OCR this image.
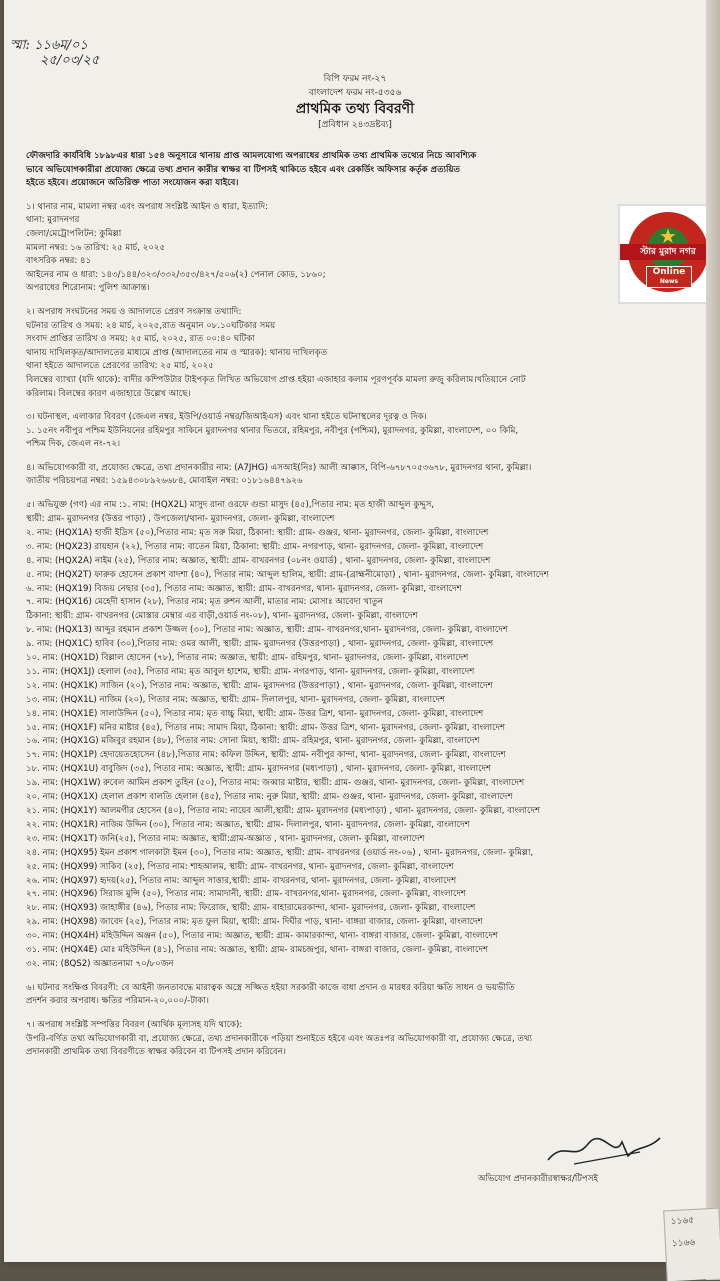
স্মা: ১১৬ম/০১
২৫/০৩/২৫
বিপি ফরম নং-২৭
বাংলাদেশ ফরম নং-৫৩৫৬
প্রাথমিক তথ্য বিবরণী
[প্রবিধান ২৪৩দ্রষ্টব্য]
ফৌজদারি কার্যবিধি ১৮৯৮এর ধারা ১৫৪ অনুসারে থানায় প্রাপ্ত আমলযোগ্য অপরাধের প্রাথমিক তথ্য প্রাথমিক তথ্যের নিচে আবশ্যিক
ভাবে অভিযোগকারীরা প্রযোজ্য ক্ষেত্রে তথ্য প্রদান কারীর স্বাক্ষর বা টিপসই থাকিতে হইবে এবং রেকর্ডিং অফিসার কর্তৃক প্রত্যয়িত
হইতে হইবে। প্রয়োজনে অতিরিক্ত পাতা সংযোজন করা যাইবে।
১। থানার নাম, মামলা নম্বর এবং অপরাধ সংশ্লিষ্ট আইন ও ধারা, ইত্যাদি:
থানা: মুরাদনগর
জেলা/মেট্রোপলিটন: কুমিল্লা
মামলা নম্বর: ১৬ তারিখ: ২৫ মার্চ, ২০২৫
বাৎসরিক নম্বর: ৪১
আইনের নাম ও ধারা: ১৪৩/১৪৪/৩২৩/৩৩২/৩৫৩/৪২৭/৫০৬(২) পেনাল কোড, ১৮৬০;
অপরাধের শিরোনাম: পুলিশ আক্রান্ত।
২। অপরাধ সংঘটনের সময় ও আদালতে প্রেরণ সংক্রান্ত তথ্যাদি:
ঘটনার তারিখ ও সময়: ২৪ মার্চ, ২০২৫,রাত অনুমান ০৮.১০ঘটিকার সময়
সংবাদ প্রাপ্তির তারিখ ও সময়: ২৫ মার্চ, ২০২৫, রাত ০০:৪০ ঘটিকা
থানায় দাখিলকৃত/আদালতের মাধ্যমে প্রাপ্ত (আদালতের নাম ও স্মারক): থানায় দাখিলকৃত
থানা হইতে আদালতে প্রেরণের তারিখ: ২৫ মার্চ, ২০২৫
বিলম্বের ব্যাখ্যা (যদি থাকে): বাদীর কম্পিউটার টাইপকৃত লিখিত অভিযোগ প্রাপ্ত হইয়া এজাহার কলাম পূরণপূর্বক মামলা রুজু করিলাম।খতিয়ানে নোট
করিলাম। বিলম্বের কারণ এজাহারে উল্লেখ আছে।
৩। ঘটনাস্থল, এলাকার বিবরণ (জেএল নম্বর, ইউপি/ওয়ার্ড নম্বর/জিআইএস) এবং থানা হইতে ঘটনাস্থলের দূরত্ব ও দিক।
১. ১৫নং নবীপুর পশ্চিম ইউনিয়নের রহিমপুর সাকিনে মুরাদনগর থানার ভিতরে, রহিমপুর, নবীপুর (পশ্চিম), মুরাদনগর, কুমিল্লা, বাংলাদেশ, ০০ কিমি,
পশ্চিম দিক, জেএল নং-৭২।
৪। অভিযোগকারী বা, প্রযোজ্য ক্ষেত্রে, তথ্য প্রদানকারীর নাম: (A7JHG) এসআই(নিঃ) আলী আক্কাস, বিপি-৬৭৮৭০৫৩৬৭৮, মুরাদনগর থানা, কুমিল্লা।
জাতীয় পরিচয়পত্র নম্বর: ১৫৯৪৩০৮৯২৬৬৮৪, মোবাইল নম্বর: ০১৮১৬৪৪৭৯২৬
৫। অভিযুক্ত (গণ) এর নাম :১. নাম: (HQX2L) মাসুদ রানা ওরফে গুন্ডা মাসুদ (৪৫),পিতার নাম: মৃত হাজী আব্দুল কুদ্দুস,
স্থায়ী: গ্রাম- মুরাদনগর (উত্তর পাড়া) , উপজেলা/থানা- মুরাদনগর, জেলা- কুমিল্লা, বাংলাদেশ
২. নাম: (HQX1A) হাজী ইদ্রিস (৫০),পিতার নাম: মৃত সরু মিয়া, ঠিকানা: স্থায়ী: গ্রাম- গুঞ্জর, থানা- মুরাদনগর, জেলা- কুমিল্লা, বাংলাদেশ
৩. নাম: (HQX23) রায়হান (২২), পিতার নাম: বাতেন মিয়া, ঠিকানা: স্থায়ী: গ্রাম- নগরপাড়, থানা- মুরাদনগর, জেলা- কুমিল্লা, বাংলাদেশ
৪. নাম: (HQX2A) নাইম (২৫), পিতার নাম: অজ্ঞাত, স্থায়ী: গ্রাম- বাখরনগর (০৮নং ওয়ার্ড) , থানা- মুরাদনগর, জেলা- কুমিল্লা, বাংলাদেশ
৫. নাম: (HQX2T) ফারুক হোসেন প্রকাশ বাদশা (৪০), পিতার নাম: আব্দুল হালিম, স্থায়ী: গ্রাম-(ব্রাহ্মনীমোড়া) , থানা- মুরাদনগর, জেলা- কুমিল্লা, বাংলাদেশ
৬. নাম: (HQX19) বিজয় নেছার (৩৫), পিতার নাম: অজ্ঞাত, স্থায়ী: গ্রাম- বাখরনগর, থানা- মুরাদনগর, জেলা- কুমিল্লা, বাংলাদেশ
৭. নাম: (HQX16) মেহেদী হাসান (২৮), পিতার নাম: মৃত রুশন আলী, মাতার নাম: মোসাঃ আবেদা খাতুন
ঠিকানা: স্থায়ী: গ্রাম- বাখরনগর (মোস্তার মেম্বার এর বাড়ী,ওয়ার্ড নং-০৮), থানা- মুরাদনগর, জেলা- কুমিল্লা, বাংলাদেশ
৮. নাম: (HQX13) আব্দুর রহমান প্রকাশ উজ্জল (৩০), পিতার নাম: অজ্ঞাত, স্থায়ী: গ্রাম- বাখরনগর,থানা- মুরাদনগর, জেলা- কুমিল্লা, বাংলাদেশ
৯. নাম: (HQX1C) হাবিব (৩০),পিতার নাম: ওমর আলী, স্থায়ী: গ্রাম- মুরাদনগর (উত্তরপাড়া) , থানা- মুরাদনগর, জেলা- কুমিল্লা, বাংলাদেশ
১০. নাম: (HQX1D) বিল্লাল হোসেন (৭৮), পিতার নাম: অজ্ঞাত, স্থায়ী: গ্রাম- রহিমপুর, থানা- মুরাদনগর, জেলা- কুমিল্লা, বাংলাদেশ
১১. নাম: (HQX1J) হেলাল (৩৫), পিতার নাম: মৃত আবুল হাশেম, স্থায়ী: গ্রাম- নগরপাড়, থানা- মুরাদনগর, জেলা- কুমিল্লা, বাংলাদেশ
১২. নাম: (HQX1K) সাজিন (২০), পিতার নাম: অজ্ঞাত, স্থায়ী: গ্রাম- মুরাদনগর (উত্তরপাড়া) , থানা- মুরাদনগর, জেলা- কুমিল্লা, বাংলাদেশ
১৩. নাম: (HQX1L) নাজিম (২০), পিতার নাম: অজ্ঞাত, স্থায়ী: গ্রাম- দিলালপুর, থানা- মুরাদনগর, জেলা- কুমিল্লা, বাংলাদেশ
১৪. নাম: (HQX1E) সালাউদ্দিন (৫০), পিতার নাম: মৃত বাচ্চু মিয়া, স্থায়ী: গ্রাম- উত্তর ত্রিশ, থানা- মুরাদনগর, জেলা- কুমিল্লা, বাংলাদেশ
১৫. নাম: (HQX1F) মনির মাষ্টার (৪৫), পিতার নাম: সামাদ মিয়া, ঠিকানা: স্থায়ী: গ্রাম- উত্তর ত্রিশ, থানা- মুরাদনগর, জেলা- কুমিল্লা, বাংলাদেশ
১৬. নাম: (HQX1G) মজিবুর রহমান (৪৮), পিতার নাম: সোনা মিয়া, স্থায়ী: গ্রাম- রহিমপুর, থানা- মুরাদনগর, জেলা- কুমিল্লা, বাংলাদেশ
১৭. নাম: (HQX1P) হেদায়েতহোসেন (৪৮),পিতার নাম: কফিল উদ্দিন, স্থায়ী: গ্রাম- নবীপুর কান্দা, থানা- মুরাদনগর, জেলা- কুমিল্লা, বাংলাদেশ
১৮. নাম: (HQX1U) বাবুজিদ (৩৫), পিতার নাম: অজ্ঞাত, স্থায়ী: গ্রাম- মুরাদনগর (মধ্যপাড়া) , থানা- মুরাদনগর, জেলা- কুমিল্লা, বাংলাদেশ
১৯. নাম: (HQX1W) রুবেল আমিন প্রকাশ তুহিন (৫০), পিতার নাম: জব্বার মাষ্টার, স্থায়ী: গ্রাম- গুঞ্জর, থানা- মুরাদনগর, জেলা- কুমিল্লা, বাংলাদেশ
২০. নাম: (HQX1X) হেলাল প্রকাশ বালতি হেলাল (৪৫), পিতার নাম: নুরু মিয়া, স্থায়ী: গ্রাম- গুঞ্জর, থানা- মুরাদনগর, জেলা- কুমিল্লা, বাংলাদেশ
২১. নাম: (HQX1Y) আলমগীর হোসেন (৪০), পিতার নাম: নায়েব আলী,স্থায়ী: গ্রাম- মুরাদনগর (মধ্যপাড়া) , থানা- মুরাদনগর, জেলা- কুমিল্লা, বাংলাদেশ
২২. নাম: (HQX1R) নাজিম উদ্দিন (৩০), পিতার নাম: অজ্ঞাত, স্থায়ী: গ্রাম- দিলালপুর, থানা- মুরাদনগর, জেলা- কুমিল্লা, বাংলাদেশ
২৩. নাম: (HQX1T) জনি(২৫), পিতার নাম: অজ্ঞাত, স্থায়ী:গ্রাম-অজ্ঞাত , থানা- মুরাদনগর, জেলা- কুমিল্লা, বাংলাদেশ
২৪. নাম: (HQX95) ইমন প্রকাশ গালকাটা ইমন (৩০), পিতার নাম: অজ্ঞাত, স্থায়ী: গ্রাম- বাখরনগর (ওয়ার্ড নং-০৬) , থানা- মুরাদনগর, জেলা- কুমিল্লা,
২৫. নাম: (HQX99) সাকিব (২৫), পিতার নাম: শাহআলম, স্থায়ী: গ্রাম- বাখরনগর, থানা- মুরাদনগর, জেলা- কুমিল্লা, বাংলাদেশ
২৬. নাম: (HQX97) হৃদয়(২৫), পিতার নাম: আব্দুল সাত্তার,স্থায়ী: গ্রাম- বাখরনগর, থানা- মুরাদনগর, জেলা- কুমিল্লা, বাংলাদেশ
২৭. নাম: (HQX96) সিরাজ মুন্সি (৫০), পিতার নাম: সামাদানী, স্থায়ী: গ্রাম- বাখরনগর,থানা- মুরাদনগর, জেলা- কুমিল্লা, বাংলাদেশ
২৮. নাম: (HQX93) জাহাঙ্গীর (৪৬), পিতার নাম: ফিরোজ, স্থায়ী: গ্রাম- বাহারামেরকান্দা, থানা- মুরাদনগর, জেলা- কুমিল্লা, বাংলাদেশ
২৯. নাম: (HQX98) জাবেদ (২৫), পিতার নাম: মৃত ফুল মিয়া, স্থায়ী: গ্রাম- দিঘীর পাড়, থানা- বাঙ্গরা বাজার, জেলা- কুমিল্লা, বাংলাদেশ
৩০. নাম: (HQX4H) মহিউদ্দিন অঞ্জন (৫০), পিতার নাম: অজ্ঞাত, স্থায়ী: গ্রাম- কামারকান্দা, থানা- বাঙ্গরা বাজার, জেলা- কুমিল্লা, বাংলাদেশ
৩১. নাম: (HQX4E) মোঃ মহিউদ্দিন (৪১), পিতার নাম: অজ্ঞাত, স্থায়ী: গ্রাম- রামচন্দ্রপুর, থানা- বাঙ্গরা বাজার, জেলা- কুমিল্লা, বাংলাদেশ
৩২. নাম: (8QS2) অজ্ঞাতনামা ৭০/৮০জন
৬। ঘটনার সংক্ষিপ্ত বিবরণী: বে আইনী জনতাবদ্ধে মারাত্বক অস্ত্রে সজ্জিত হইয়া সরকারী কাজে বাধা প্রদান ও মারধর করিয়া ক্ষতি সাধন ও ভয়ভীতি
প্রদর্শন করার অপরাধ। ক্ষতির পরিমান-২০,০০০/-টাকা।
৭। অপরাধ সংশ্লিষ্ট সম্পত্তির বিবরণ (আর্থিক মূল্যসহ যদি থাকে):
উপরি-বর্ণিত তথ্য অভিযোগকারী বা, প্রযোজ্য ক্ষেত্রে, তথ্য প্রদানকারীকে পড়িয়া শুনাইতে হইবে এবং অতঃপর অভিযোগকারী বা, প্রযোজ্য ক্ষেত্রে, তথ্য
প্রদানকারী প্রাথমিক তথ্য বিবরণীতে স্বাক্ষর করিবেন বা টিপসই প্রদান করিবেন।
অভিযোগ প্রদানকারীরস্বাক্ষর/টিপসই
★
স্টার মুরাদ নগর
Online
News
১১৬৫
১১৬৬
